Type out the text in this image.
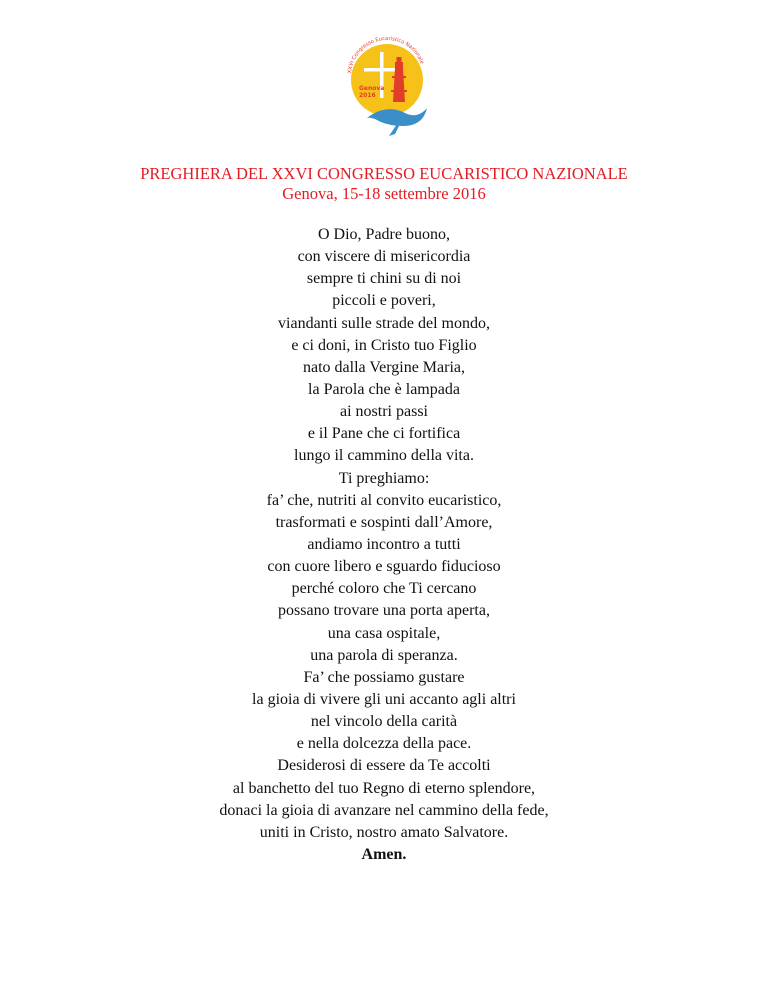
XXVI Congresso Eucaristico Nazionale
Genova
2016
PREGHIERA DEL XXVI CONGRESSO EUCARISTICO NAZIONALE
Genova, 15-18 settembre 2016
O Dio, Padre buono,
con viscere di misericordia
sempre ti chini su di noi
piccoli e poveri,
viandanti sulle strade del mondo,
e ci doni, in Cristo tuo Figlio
nato dalla Vergine Maria,
la Parola che è lampada
ai nostri passi
e il Pane che ci fortifica
lungo il cammino della vita.
Ti preghiamo:
fa’ che, nutriti al convito eucaristico,
trasformati e sospinti dall’Amore,
andiamo incontro a tutti
con cuore libero e sguardo fiducioso
perché coloro che Ti cercano
possano trovare una porta aperta,
una casa ospitale,
una parola di speranza.
Fa’ che possiamo gustare
la gioia di vivere gli uni accanto agli altri
nel vincolo della carità
e nella dolcezza della pace.
Desiderosi di essere da Te accolti
al banchetto del tuo Regno di eterno splendore,
donaci la gioia di avanzare nel cammino della fede,
uniti in Cristo, nostro amato Salvatore.
Amen.
